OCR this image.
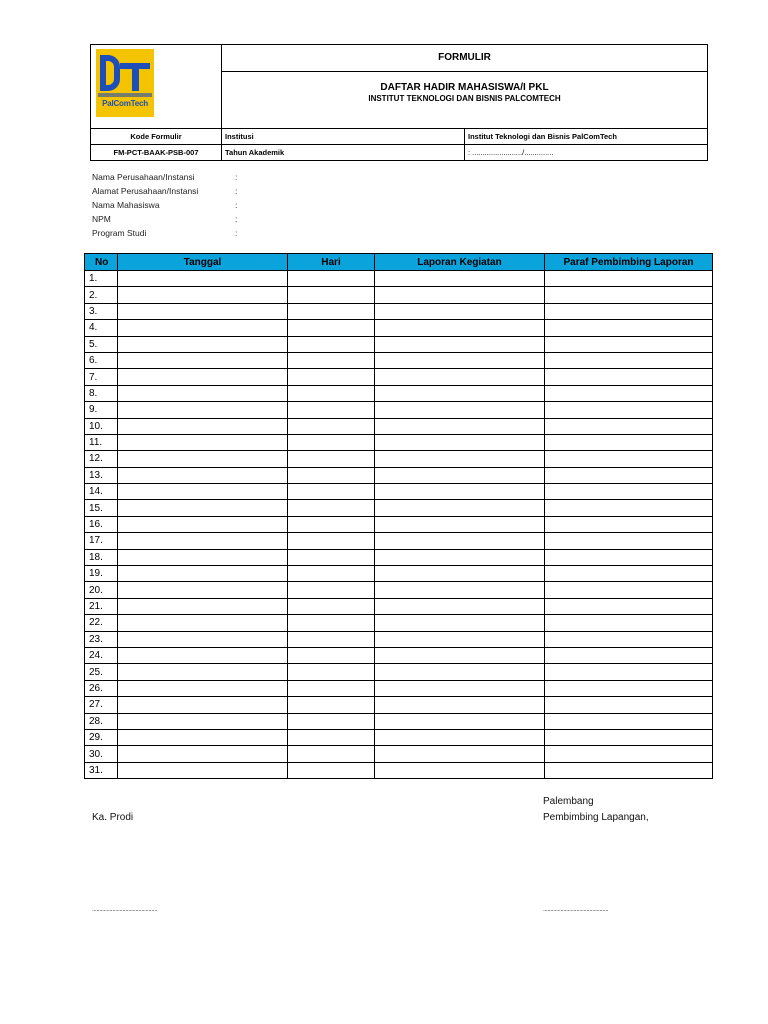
PalComTech	FORMULIR
DAFTAR HADIR MAHASISWA/I PKL
INSTITUT TEKNOLOGI DAN BISNIS PALCOMTECH	

Kode Formulir	Institusi	Institut Teknologi dan Bisnis PalComTech
FM-PCT-BAAK-PSB-007	Tahun Akademik	: ......................../..............
Nama Perusahaan/Instansi	:
Alamat Perusahaan/Instansi	:
Nama Mahasiswa	:
NPM	:
Program Studi	:
No	Tanggal	Hari	Laporan Kegiatan	Paraf Pembimbing Laporan
1.				
2.				
3.				
4.				
5.				
6.				
7.				
8.				
9.				
10.				
11.				
12.				
13.				
14.				
15.				
16.				
17.				
18.				
19.				
20.				
21.				
22.				
23.				
24.				
25.				
26.				
27.				
28.				
29.				
30.				
31.				
Palembang
Ka. Prodi	Pembimbing Lapangan,
.............................................	.............................................
